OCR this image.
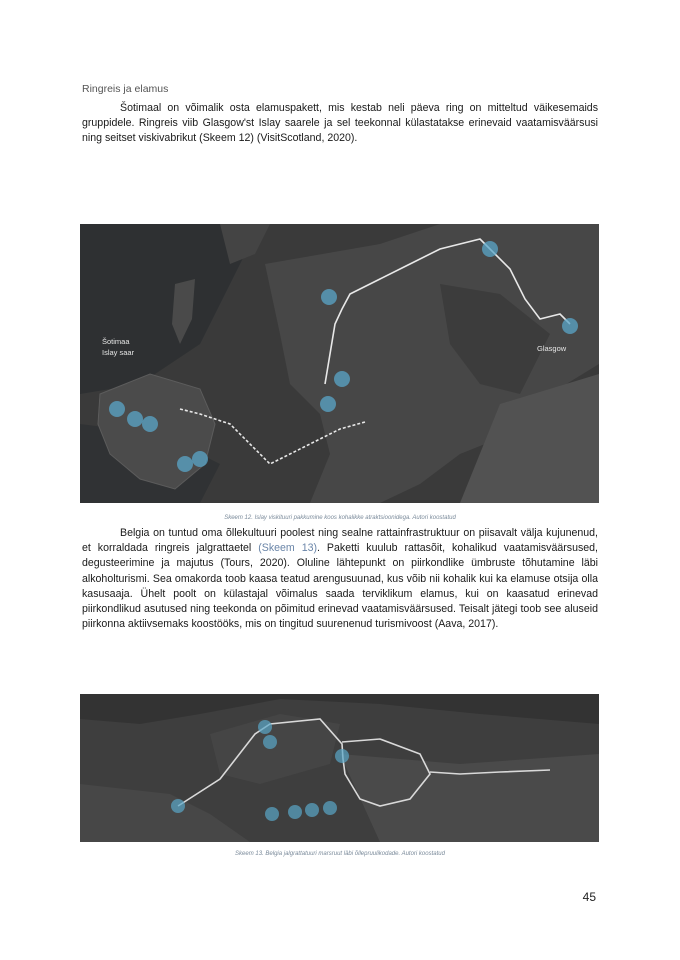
Ringreis ja elamus

Šotimaal on võimalik osta elamuspakett, mis kestab neli päeva ring on mitteltud väikesemaids gruppidele. Ringreis viib Glasgow'st Islay saarele ja sel teekonnal külastatakse erinevaid vaatamisväärsusi ning seitset viskivabrikut (Skeem 12) (VisitScotland, 2020).

Šotimaa
Islay saar	Glasgow
Skeem 12. Islay viskituuri pakkumine koos kohalikke atraktsioonidega. Autori koostatud

Belgia on tuntud oma õllekultuuri poolest ning sealne rattainfrastruktuur on piisavalt välja kujunenud, et korraldada ringreis jalgrattaetel (Skeem 13). Paketti kuulub rattasõit, kohalikud vaatamisväärsused, degusteerimine ja majutus (Tours, 2020). Oluline lähtepunkt on piirkondlike ümbruste tõhutamine läbi alkoholturismi. Sea omakorda toob kaasa teatud arengusuunad, kus võib nii kohalik kui ka elamuse otsija olla kasusaaja. Ühelt poolt on külastajal võimalus saada terviklikum elamus, kui on kaasatud erinevad piirkondlikud asutused ning teekonda on põimitud erinevad vaatamisväärsused. Teisalt jätegi toob see aluseid piirkonna aktiivsemaks koostööks, mis on tingitud suurenenud turismivoost (Aava, 2017).

Skeem 13. Belgia jalgrattatuuri marsruut läbi õllepruulikodade. Autori koostatud
45
